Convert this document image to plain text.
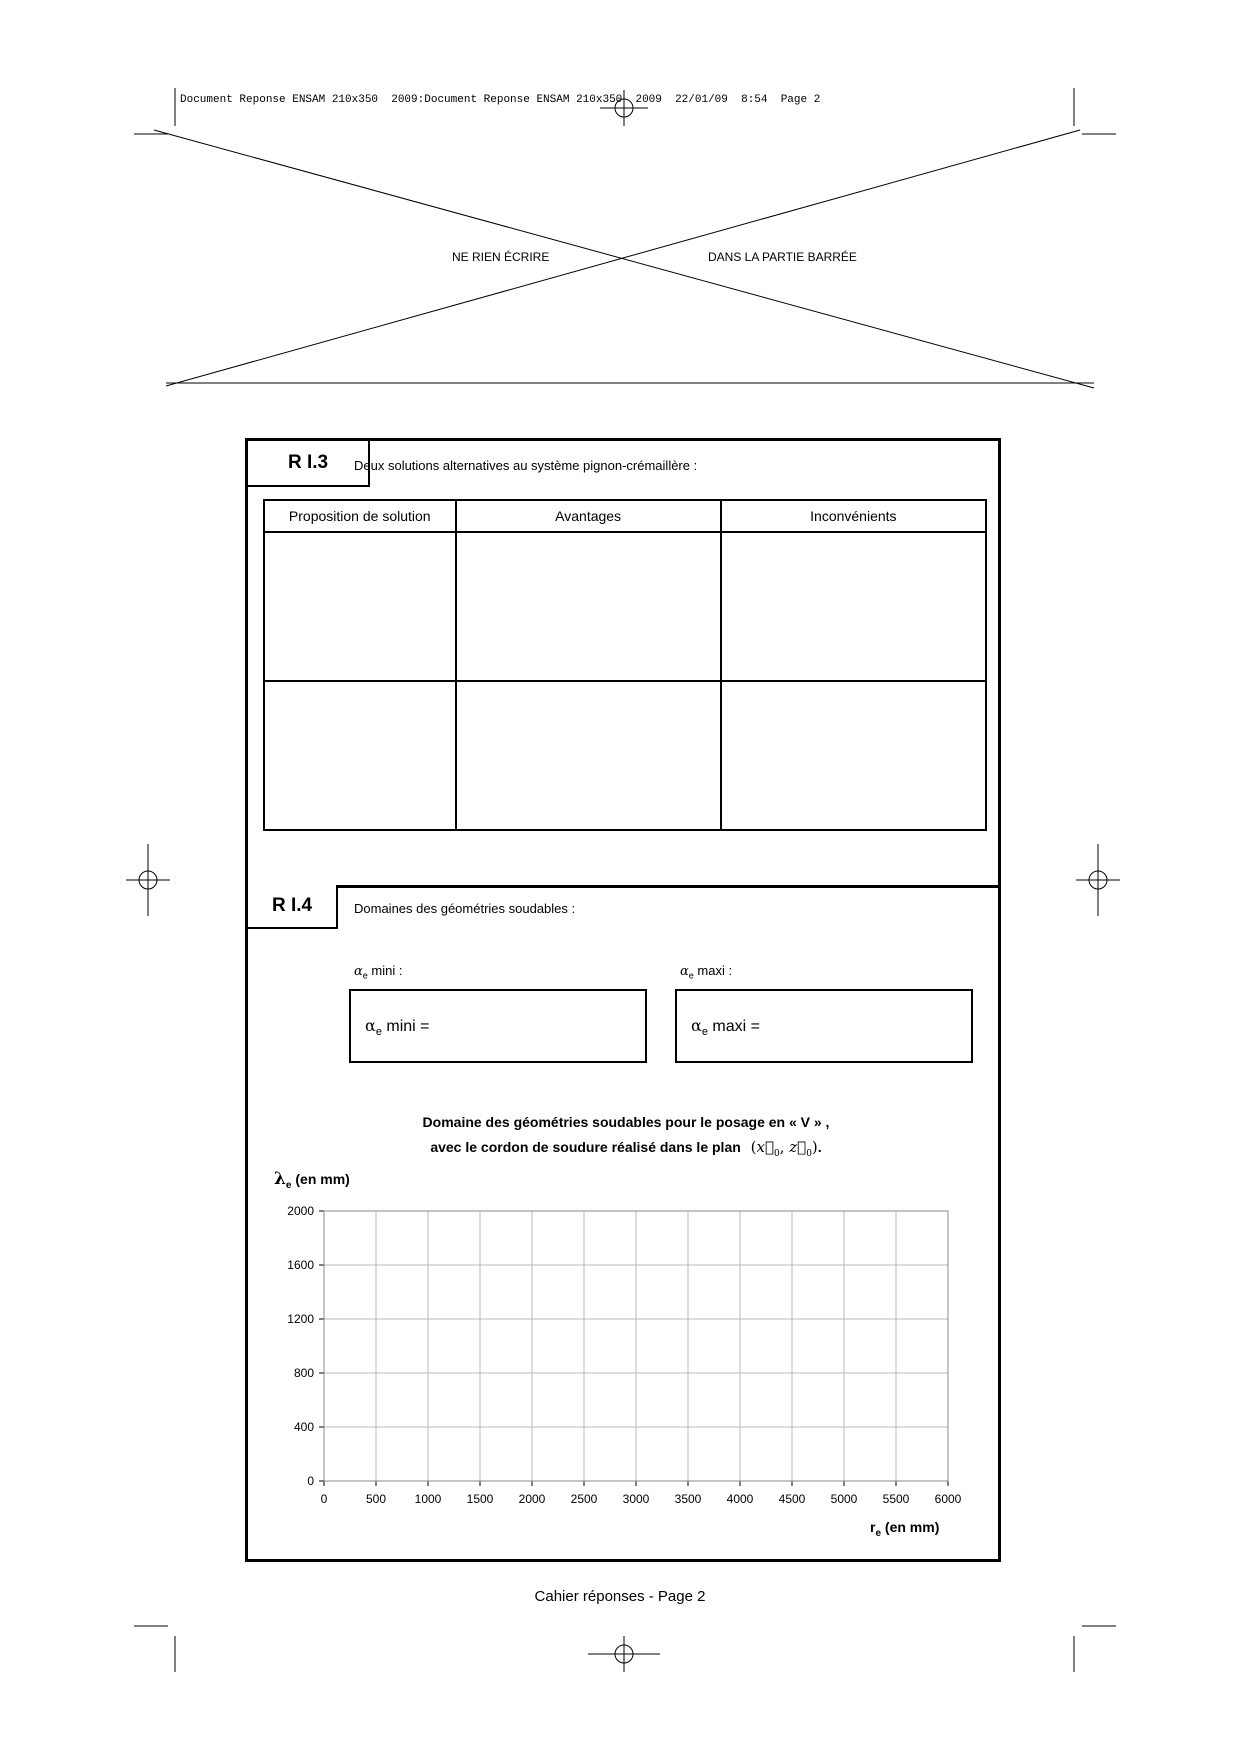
Document Reponse ENSAM 210x350  2009:Document Reponse ENSAM 210x350  2009  22/01/09  8:54  Page 2
NE RIEN ÉCRIRE	DANS LA PARTIE BARRÉE
R I.3	Deux solutions alternatives au système pignon-crémaillère :
Proposition de solution	Avantages	Inconvénients

R I.4	Domaines des géométries soudables :
$\alpha_e$ mini :	$\alpha_e$ maxi :
$\alpha_e$ mini =	$\alpha_e$ maxi =
Domaine des géométries soudables pour le posage en « V » ,
avec le cordon de soudure réalisé dans le plan ($x⃗_0$, $z⃗_0$).
$\lambda_e$ (en mm)
0	500 1000 1500 2000 2500 3000 3500 4000 4500 5000 5500 6000
0
400
800
1200
1600
2000
$r_e$ (en mm)
Cahier réponses - Page 2
